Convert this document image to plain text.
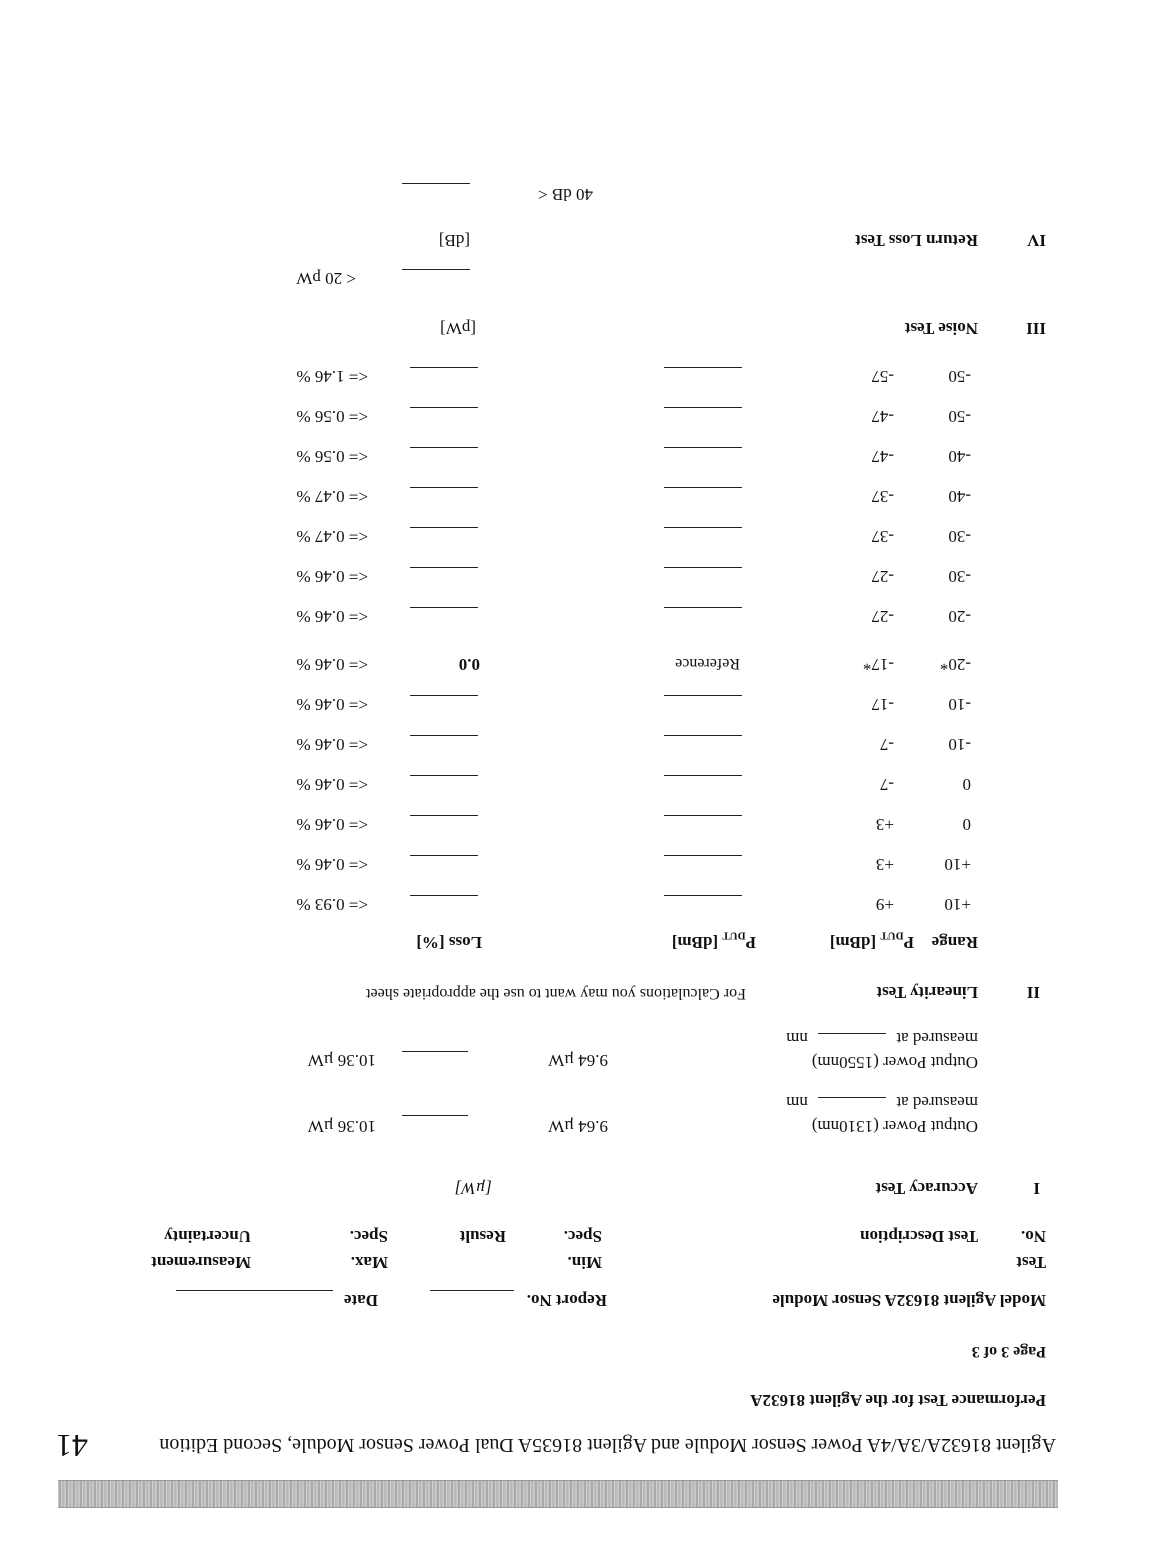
Agilent 81632A/3A/4A Power Sensor Module and Agilent 81635A Dual Power Sensor Module, Second Edition
41
Performance Test for the Agilent 81632A
Page 3 of 3
Model Agilent 81632A Sensor Module
Report No.
Date
Test
No.
Test Description
Min.
Spec.
Result
Max.
Spec.
Measurement
Uncertainty
I
Accuracy Test
[µW]
Output Power (1310nm)
measured at  nm
9.64 µW
10.36 µW
Output Power (1550nm)
measured at  nm
9.64 µW
10.36 µW
II
Linearity Test
For Calculations you may want to use the appropriate sheet
Range
$P_{DUT}$ [dBm]
$P_{DUT}$ [dBm]
Loss [%]
+10
+9
<= 0.93 %
+10
+3
<= 0.46 %
0
+3
<= 0.46 %
0
-7
<= 0.46 %
-10
-7
<= 0.46 %
-10
-17
<= 0.46 %
-20*
-17*
Reference
0.0
<= 0.46 %
-20
-27
<= 0.46 %
-30
-27
<= 0.46 %
-30
-37
<= 0.47 %
-40
-37
<= 0.47 %
-40
-47
<= 0.56 %
-50
-47
<= 0.56 %
-50
-57
<= 1.46 %
III
Noise Test
[pW]
< 20 pW
IV
Return Loss Test
[dB]
40 dB <
